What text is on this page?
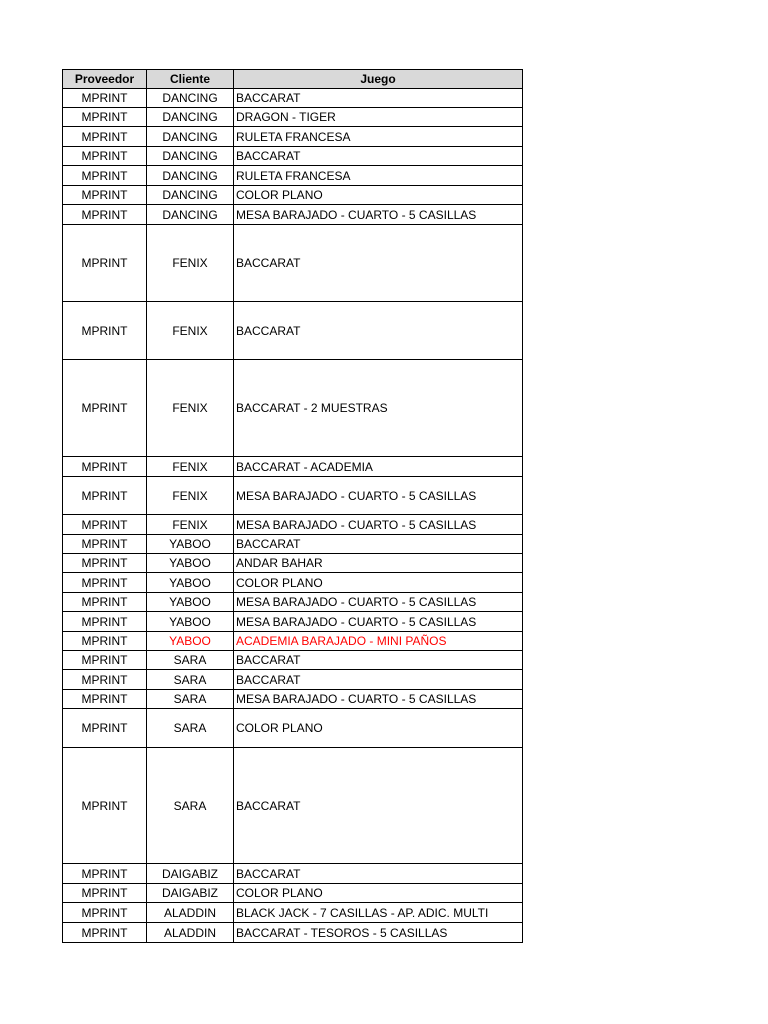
Proveedor	Cliente	Juego
MPRINT	DANCING	BACCARAT
MPRINT	DANCING	DRAGON - TIGER
MPRINT	DANCING	RULETA FRANCESA
MPRINT	DANCING	BACCARAT
MPRINT	DANCING	RULETA FRANCESA
MPRINT	DANCING	COLOR PLANO
MPRINT	DANCING	MESA BARAJADO - CUARTO - 5 CASILLAS
MPRINT	FENIX	BACCARAT
MPRINT	FENIX	BACCARAT
MPRINT	FENIX	BACCARAT - 2 MUESTRAS
MPRINT	FENIX	BACCARAT - ACADEMIA
MPRINT	FENIX	MESA BARAJADO - CUARTO - 5 CASILLAS
MPRINT	FENIX	MESA BARAJADO - CUARTO - 5 CASILLAS
MPRINT	YABOO	BACCARAT
MPRINT	YABOO	ANDAR BAHAR
MPRINT	YABOO	COLOR PLANO
MPRINT	YABOO	MESA BARAJADO - CUARTO - 5 CASILLAS
MPRINT	YABOO	MESA BARAJADO - CUARTO - 5 CASILLAS
MPRINT	YABOO	ACADEMIA BARAJADO - MINI PAÑOS
MPRINT	SARA	BACCARAT
MPRINT	SARA	BACCARAT
MPRINT	SARA	MESA BARAJADO - CUARTO - 5 CASILLAS
MPRINT	SARA	COLOR PLANO
MPRINT	SARA	BACCARAT
MPRINT	DAIGABIZ	BACCARAT
MPRINT	DAIGABIZ	COLOR PLANO
MPRINT	ALADDIN	BLACK JACK - 7 CASILLAS - AP. ADIC. MULTI
MPRINT	ALADDIN	BACCARAT - TESOROS - 5 CASILLAS
